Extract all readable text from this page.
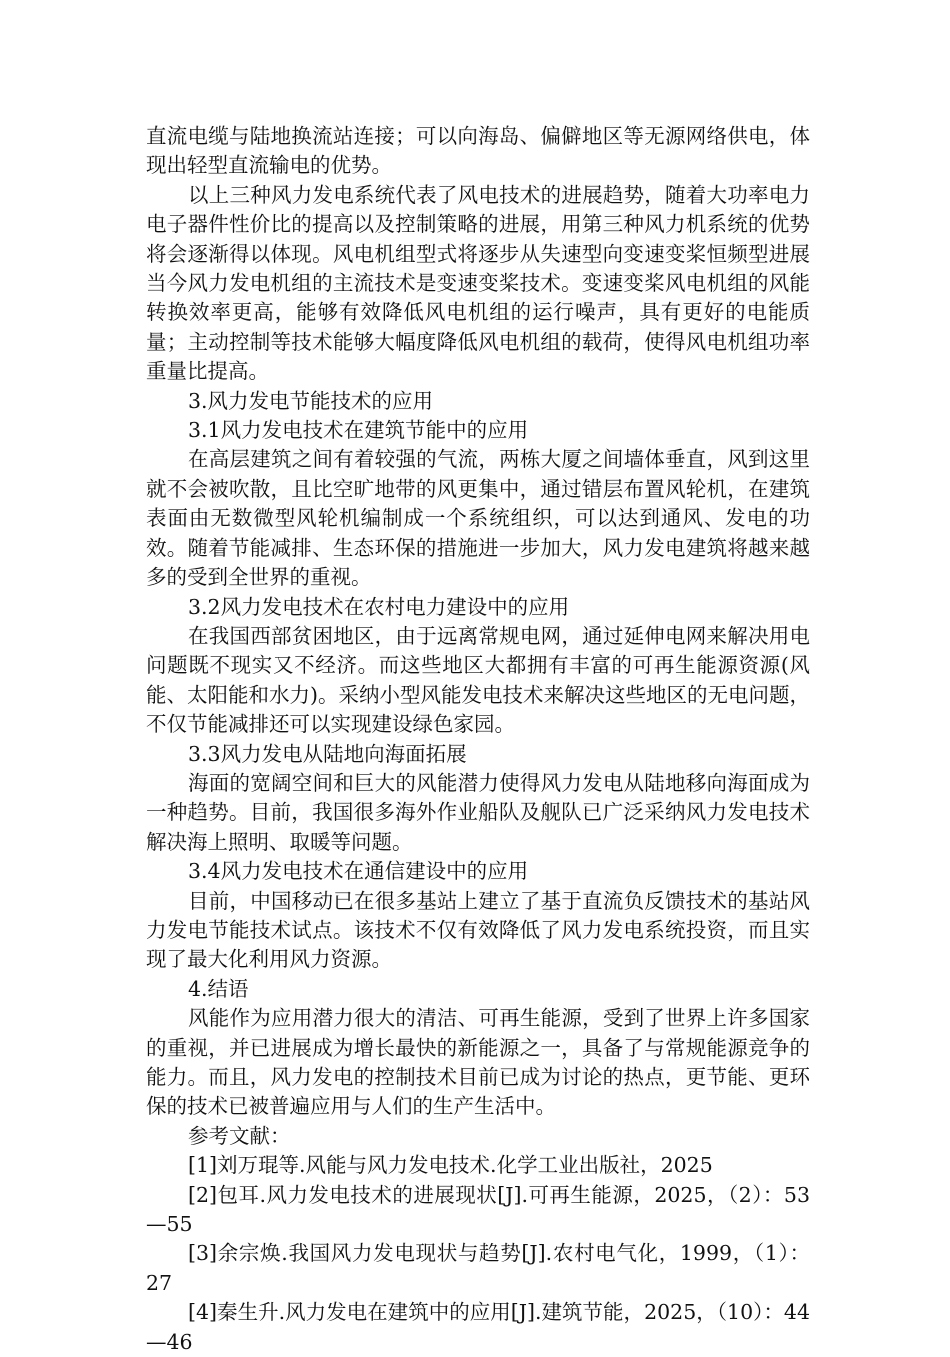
直流电缆与陆地换流站连接；可以向海岛、偏僻地区等无源网络供电，体现出轻型直流输电的优势。

以上三种风力发电系统代表了风电技术的进展趋势，随着大功率电力电子器件性价比的提高以及控制策略的进展，用第三种风力机系统的优势将会逐渐得以体现。风电机组型式将逐步从失速型向变速变桨恒频型进展当今风力发电机组的主流技术是变速变桨技术。变速变桨风电机组的风能转换效率更高，能够有效降低风电机组的运行噪声，具有更好的电能质量；主动控制等技术能够大幅度降低风电机组的载荷，使得风电机组功率重量比提高。

3.风力发电节能技术的应用

3.1风力发电技术在建筑节能中的应用

在高层建筑之间有着较强的气流，两栋大厦之间墙体垂直，风到这里就不会被吹散，且比空旷地带的风更集中，通过错层布置风轮机，在建筑表面由无数微型风轮机编制成一个系统组织，可以达到通风、发电的功效。随着节能减排、生态环保的措施进一步加大，风力发电建筑将越来越多的受到全世界的重视。

3.2风力发电技术在农村电力建设中的应用

在我国西部贫困地区，由于远离常规电网，通过延伸电网来解决用电问题既不现实又不经济。而这些地区大都拥有丰富的可再生能源资源(风能、太阳能和水力)。采纳小型风能发电技术来解决这些地区的无电问题，不仅节能减排还可以实现建设绿色家园。

3.3风力发电从陆地向海面拓展

海面的宽阔空间和巨大的风能潜力使得风力发电从陆地移向海面成为一种趋势。目前，我国很多海外作业船队及舰队已广泛采纳风力发电技术解决海上照明、取暖等问题。

3.4风力发电技术在通信建设中的应用

目前，中国移动已在很多基站上建立了基于直流负反馈技术的基站风力发电节能技术试点。该技术不仅有效降低了风力发电系统投资，而且实现了最大化利用风力资源。

4.结语

风能作为应用潜力很大的清洁、可再生能源，受到了世界上许多国家的重视，并已进展成为增长最快的新能源之一，具备了与常规能源竞争的能力。而且，风力发电的控制技术目前已成为讨论的热点，更节能、更环保的技术已被普遍应用与人们的生产生活中。

参考文献：

[1]刘万琨等.风能与风力发电技术.化学工业出版社，2025

[2]包耳.风力发电技术的进展现状[J].可再生能源，2025，（2）：53—55

[3]余宗焕.我国风力发电现状与趋势[J].农村电气化，1999，（1）：27

[4]秦生升.风力发电在建筑中的应用[J].建筑节能，2025，（10）：44—46
